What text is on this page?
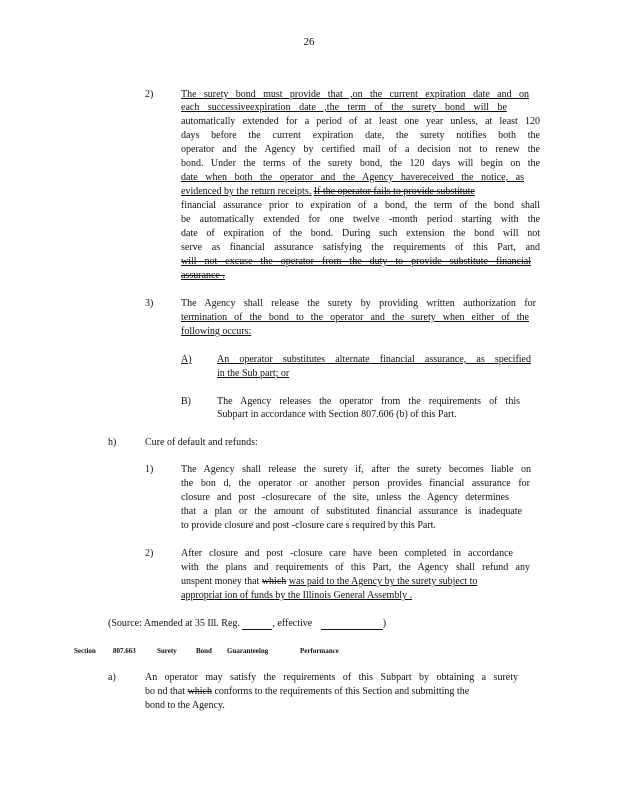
26
2)	The surety bond must provide that ,on the current expiration date and on
each successiveexpiration date ,the term of the surety bond will be
automatically extended for a period of at least one year unless, at least 120
days before the current expiration date, the surety notifies both the
operator and the Agency by certified mail of a decision not to renew the
bond. Under the terms of the surety bond, the 120 days will begin on the
date when both the operator and the Agency havereceived the notice, as
evidenced by the return receipts. If the operator fails to provide substitute
financial assurance prior to expiration of a bond, the term of the bond shall
be automatically extended for one twelve -month period starting with the
date of expiration of the bond. During such extension the bond will not
serve as financial assurance satisfying the requirements of this Part, and
will not excuse the operator from the duty to provide substitute financial
assurance .
3)	The Agency shall release the surety by providing written authorization for
termination of the bond to the operator and the surety when either of the
following occurs:
A)	An operator substitutes alternate financial assurance, as specified
in the Sub part; or
B)	The Agency releases the operator from the requirements of this
Subpart in accordance with Section 807.606 (b) of this Part.
h)	Cure of default and refunds:
1)	The Agency shall release the surety if, after the surety becomes liable on
the bon d, the operator or another person provides financial assurance for
closure and post -closurecare of the site, unless the Agency determines
that a plan or the amount of substituted financial assurance is inadequate
to provide closure and post -closure care s required by this Part.
2)	After closure and post -closure care have been completed in accordance
with the plans and requirements of this Part, the Agency shall refund any
unspent money that which was paid to the Agency by the surety subject to
appropriat ion of funds by the Illinois General Assembly .
(Source: Amended at 35 Ill. Reg.	, effective	)
Section 807.663	Surety	Bond Guaranteeing	Performance
a)	An operator may satisfy the requirements of this Subpart by obtaining a surety
bo nd that which conforms to the requirements of this Section and submitting the
bond to the Agency.
